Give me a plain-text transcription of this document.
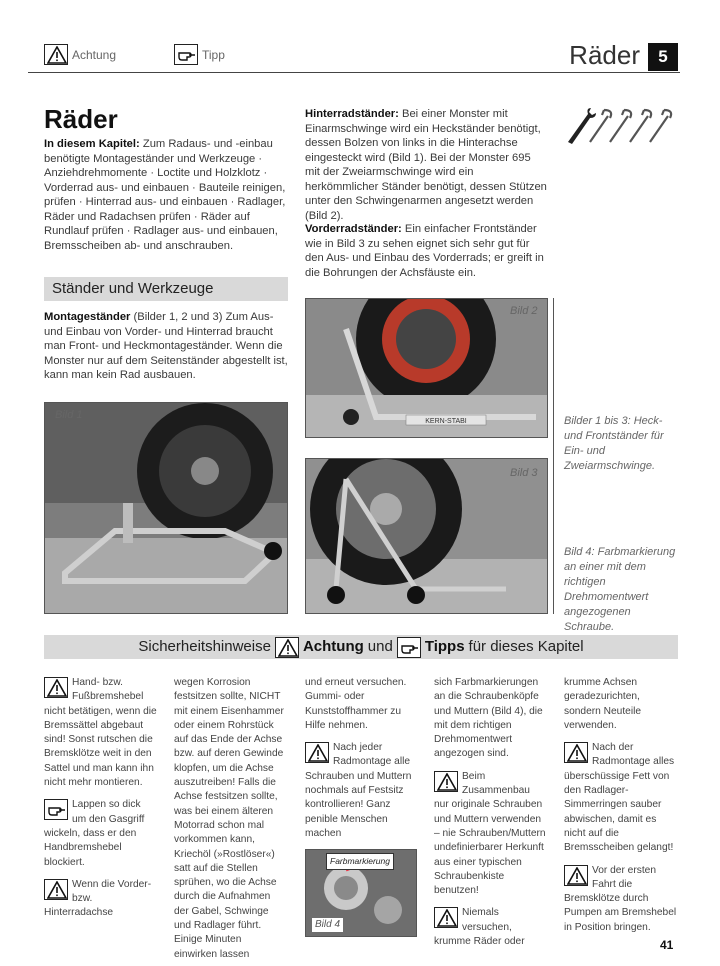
Achtung	Tipp	Räder	5
Räder
In diesem Kapitel: Zum Radaus- und -einbau benötigte Montageständer und Werkzeuge · Anziehdrehmomente · Loctite und Holzklotz · Vorderrad aus- und einbauen · Bauteile reinigen, prüfen · Hinterrad aus- und einbauen · Radlager, Räder und Radachsen prüfen · Räder auf Rundlauf prüfen · Radlager aus- und einbauen, Bremsscheiben ab- und anschrauben.
Ständer und Werkzeuge
Montageständer (Bilder 1, 2 und 3) Zum Aus- und Einbau von Vorder- und Hinterrad braucht man Front- und Heckmontageständer. Wenn die Monster nur auf dem Seitenständer abgestellt ist, kann man kein Rad ausbauen.
Hinterradständer: Bei einer Monster mit Einarmschwinge wird ein Heckständer benötigt, dessen Bolzen von links in die Hinterachse eingesteckt wird (Bild 1). Bei der Monster 695 mit der Zweiarmschwinge wird ein herkömmlicher Ständer benötigt, dessen Stützen unter den Schwingenarmen angesetzt werden (Bild 2).
Vorderradständer: Ein einfacher Frontständer wie in Bild 3 zu sehen eignet sich sehr gut für den Aus- und Einbau des Vorderrads; er greift in die Bohrungen der Achsfäuste ein.
Bild 1
KERN-STABI
Bild 2
Bild 3
Bilder 1 bis 3: Heck- und Frontständer für Ein- und Zweiarmschwinge.
Bild 4: Farbmarkierung an einer mit dem richtigen Drehmomentwert angezogenen Schraube.
Sicherheitshinweise Achtung und Tipps für dieses Kapitel
Hand- bzw. Fußbremshebel nicht betätigen, wenn die Bremssättel abgebaut sind! Sonst rutschen die Bremsklötze weit in den Sattel und man kann ihn nicht mehr montieren.
Lappen so dick um den Gasgriff wickeln, dass er den Handbremshebel blockiert.
Wenn die Vorder- bzw. Hinterradachse
wegen Korrosion festsitzen sollte, NICHT mit einem Eisenhammer oder einem Rohrstück auf das Ende der Achse bzw. auf deren Gewinde klopfen, um die Achse auszutreiben! Falls die Achse festsitzen sollte, was bei einem älteren Motorrad schon mal vorkommen kann, Kriechöl (»Rostlöser«) satt auf die Stellen sprühen, wo die Achse durch die Aufnahmen der Gabel, Schwinge und Radlager führt. Einige Minuten einwirken lassen
und erneut versuchen. Gummi- oder Kunststoffhammer zu Hilfe nehmen.
Nach jeder Radmontage alle Schrauben und Muttern nochmals auf Festsitz kontrollieren! Ganz penible Menschen machen
Farbmarkierung
Bild 4
sich Farbmarkierungen an die Schraubenköpfe und Muttern (Bild 4), die mit dem richtigen Drehmomentwert angezogen sind.
Beim Zusammenbau nur originale Schrauben und Muttern verwenden – nie Schrauben/Muttern undefinierbarer Herkunft aus einer typischen Schraubenkiste benutzen!
Niemals versuchen, krumme Räder oder
krumme Achsen geradezurichten, sondern Neuteile verwenden.
Nach der Radmontage alles überschüssige Fett von den Radlager-Simmerringen sauber abwischen, damit es nicht auf die Bremsscheiben gelangt!
Vor der ersten Fahrt die Bremsklötze durch Pumpen am Bremshebel in Position bringen.
41
